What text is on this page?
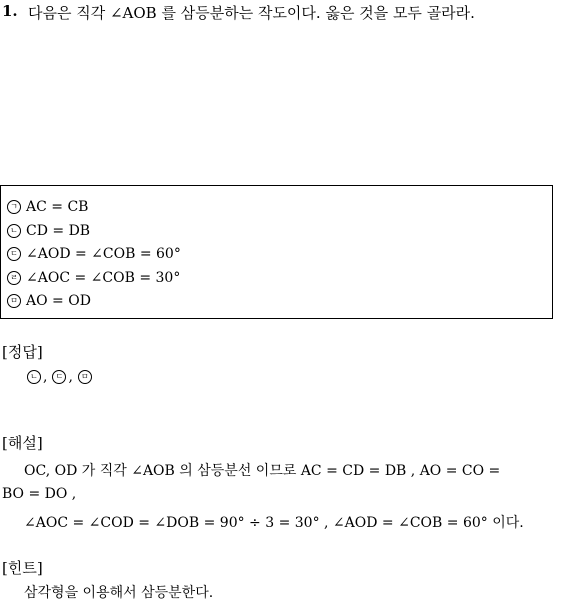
1. 다음은 직각 ∠AOB 를 삼등분하는 작도이다. 옳은 것을 모두 골라라.
ㄱ AC = CB
ㄴ CD = DB
ㄷ ∠AOD = ∠COB = 60°
ㄹ ∠AOC = ∠COB = 30°
ㅁ AO = OD
[정답]
ㄴ ,	ㄷ ,	ㅁ
[해설]
OC, OD 가 직각 ∠AOB 의 삼등분선 이므로 AC = CD = DB , AO = CO =
BO = DO ,
∠AOC = ∠COD = ∠DOB = 90° ÷ 3 = 30° , ∠AOD = ∠COB = 60° 이다.
[힌트]
삼각형을 이용해서 삼등분한다.
